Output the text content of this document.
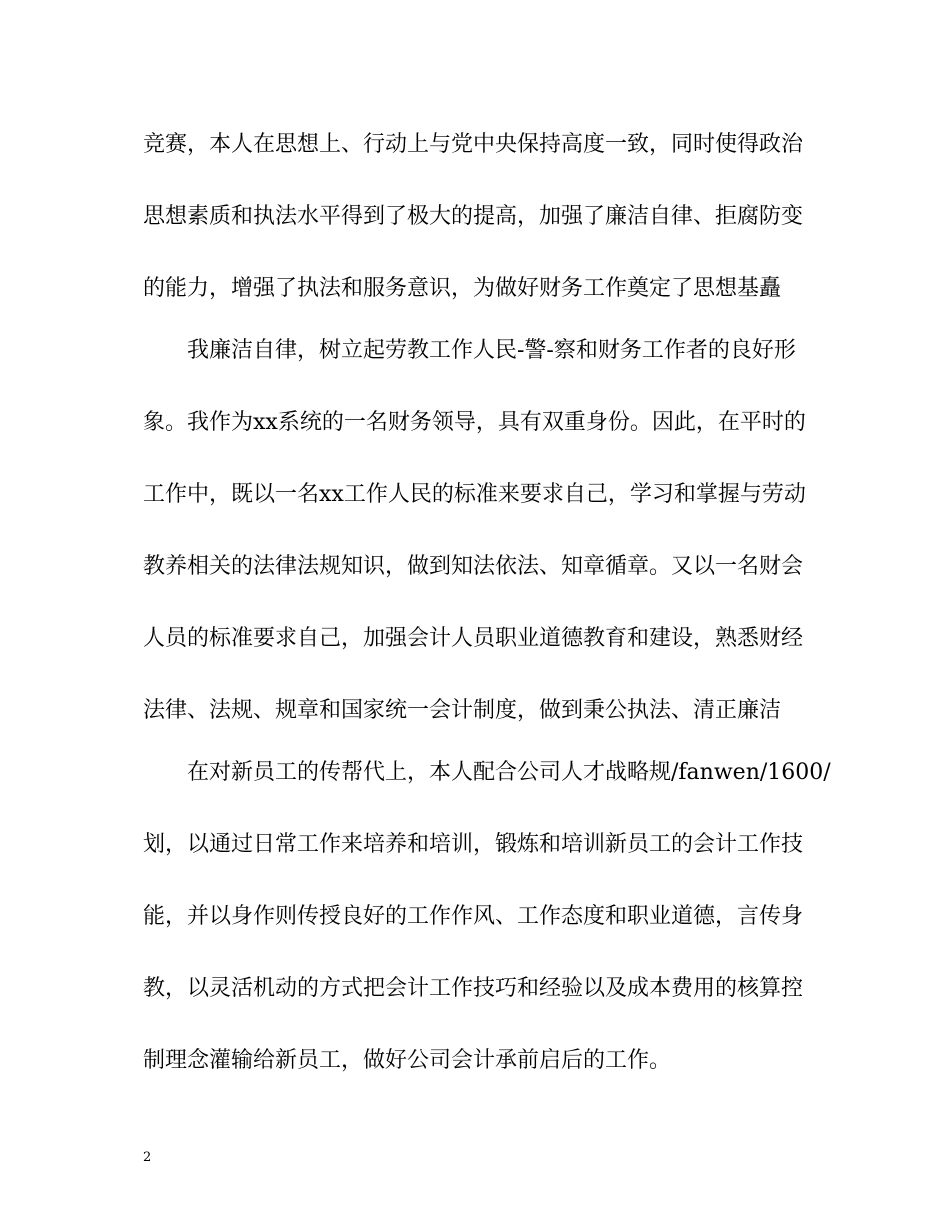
竞赛，本人在思想上、行动上与党中央保持高度一致，同时使得政治
思想素质和执法水平得到了极大的提高，加强了廉洁自律、拒腐防变
的能力，增强了执法和服务意识，为做好财务工作奠定了思想基矗
我廉洁自律，树立起劳教工作人民-警-察和财务工作者的良好形
象。我作为xx系统的一名财务领导，具有双重身份。因此，在平时的
工作中，既以一名xx工作人民的标准来要求自己，学习和掌握与劳动
教养相关的法律法规知识，做到知法依法、知章循章。又以一名财会
人员的标准要求自己，加强会计人员职业道德教育和建设，熟悉财经
法律、法规、规章和国家统一会计制度，做到秉公执法、清正廉洁
在对新员工的传帮代上，本人配合公司人才战略规/fanwen/1600/
划，以通过日常工作来培养和培训，锻炼和培训新员工的会计工作技
能，并以身作则传授良好的工作作风、工作态度和职业道德，言传身
教，以灵活机动的方式把会计工作技巧和经验以及成本费用的核算控
制理念灌输给新员工，做好公司会计承前启后的工作。
2
